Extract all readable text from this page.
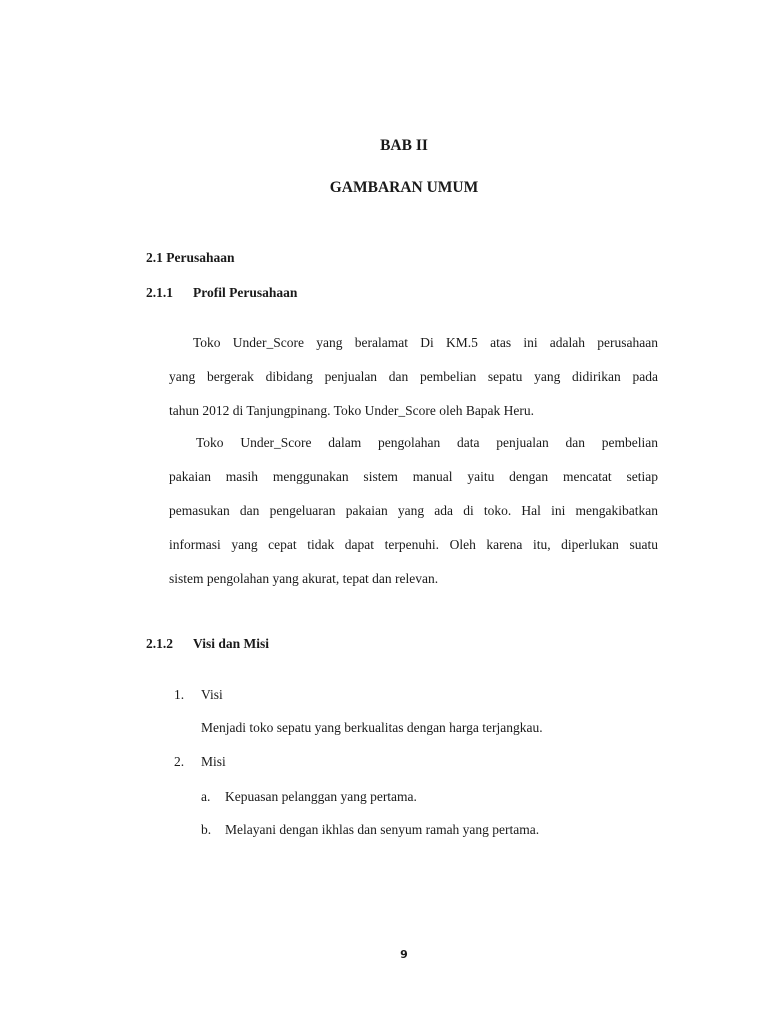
BAB II
GAMBARAN UMUM
2.1 Perusahaan
2.1.1 Profil Perusahaan
Toko Under_Score yang beralamat Di KM.5 atas ini adalah perusahaan
yang bergerak dibidang penjualan dan pembelian sepatu yang didirikan pada
tahun 2012 di Tanjungpinang. Toko Under_Score oleh Bapak Heru.
Toko Under_Score dalam pengolahan data penjualan dan pembelian
pakaian masih menggunakan sistem manual yaitu dengan mencatat setiap
pemasukan dan pengeluaran pakaian yang ada di toko. Hal ini mengakibatkan
informasi yang cepat tidak dapat terpenuhi. Oleh karena itu, diperlukan suatu
sistem pengolahan yang akurat, tepat dan relevan.
2.1.2 Visi dan Misi
1. Visi
Menjadi toko sepatu yang berkualitas dengan harga terjangkau.
2. Misi
a. Kepuasan pelanggan yang pertama.
b. Melayani dengan ikhlas dan senyum ramah yang pertama.
9
